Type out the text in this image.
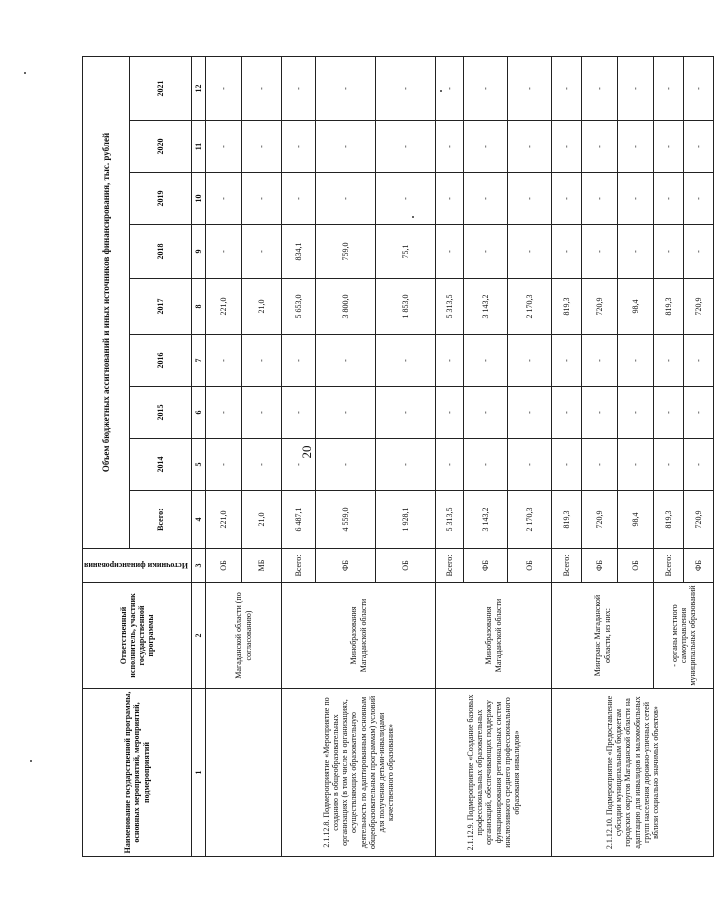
20
Наименование государственной программы, основных мероприятий, мероприятий, подмероприятий	Ответственный исполнитель, участник государственной программы	Источники финансирования	Объем бюджетных ассигнований и иных источников финансирования, тыс. рублей								
			Всего:	2014	2015	2016	2017	2018	2019	2020	2021
1	2	3	4	5	6	7	8	9	10	11	12
	Магаданской области (по согласованию)	ОБ	221,0	-	-	-	221,0	-	-	-	-
		МБ	21,0	-	-	-	21,0	-	-	-	-
2.1.12.8. Подмероприятие «Мероприятие по созданию в общеобразовательных организациях (в том числе в организациях, осуществляющих образовательную деятельность по адаптированным основным общеобразовательным программам) условий для получения детьми-инвалидами качественного образования»	Минобразования Магаданской области	Всего:	6 487,1	-	-	-	5 653,0	834,1	-	-	-
		ФБ	4 559,0	-	-	-	3 800,0	759,0	-	-	-
		ОБ	1 928,1	-	-	-	1 853,0	75,1	-	-	-
2.1.12.9. Подмероприятие «Создание базовых профессиональных образовательных организаций, обеспечивающих поддержку функционирования региональных систем инклюзивного среднего профессионального образования инвалидов»	Минобразования Магаданской области	Всего:	5 313,5	-	-	-	5 313,5	-	-	-	-
		ФБ	3 143,2	-	-	-	3 143,2	-	-	-	-
		ОБ	2 170,3	-	-	-	2 170,3	-	-	-	-
2.1.12.10. Подмероприятие «Предоставление субсидии муниципальным бюджетам городских округов Магаданской области на адаптацию для инвалидов и маломобильных групп населения дорожно-уличных сетей вблизи социально значимых объектов»	Минтранс Магаданской области, из них:	Всего:	819,3	-	-	-	819,3	-	-	-	-
		ФБ	720,9	-	-	-	720,9	-	-	-	-
		ОБ	98,4	-	-	-	98,4	-	-	-	-
	- органы местного самоуправления муниципальных образований	Всего:	819,3	-	-	-	819,3	-	-	-	-
		ФБ	720,9	-	-	-	720,9	-	-	-	-
